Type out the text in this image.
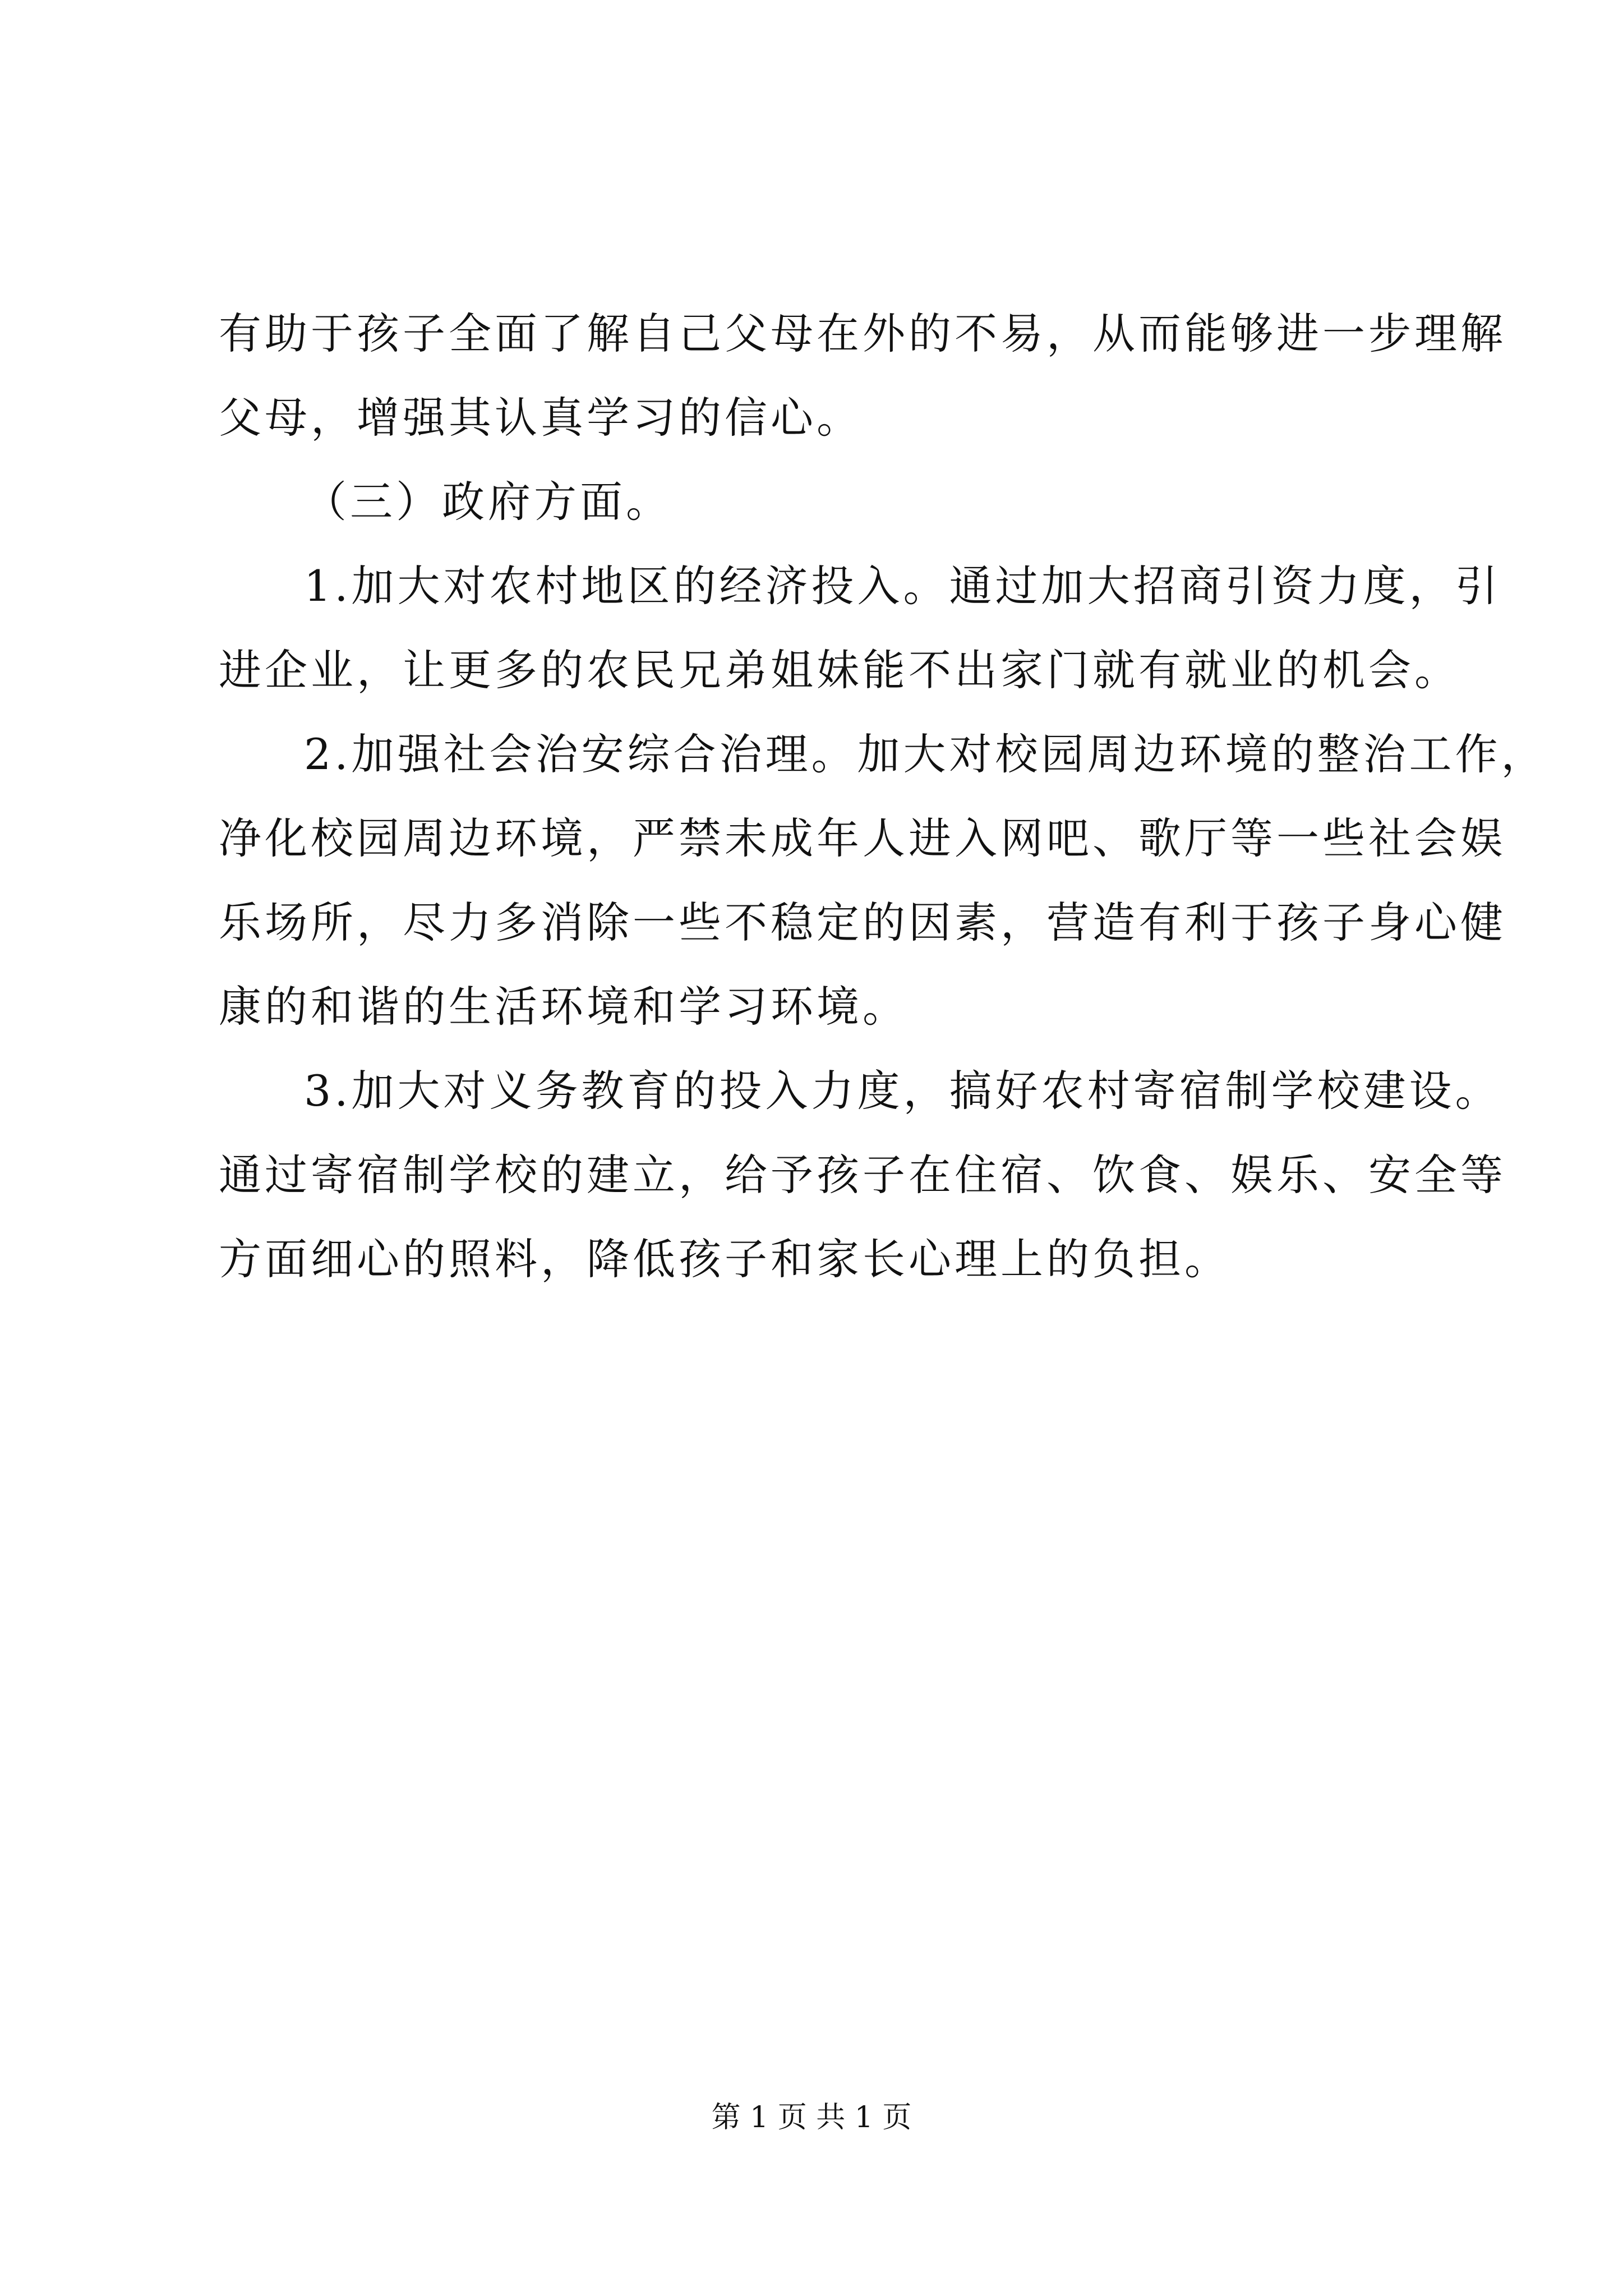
有助于孩子全面了解自己父母在外的不易，从而能够进一步理解
父母，增强其认真学习的信心。
（三）政府方面。
1.加大对农村地区的经济投入。通过加大招商引资力度，引
进企业，让更多的农民兄弟姐妹能不出家门就有就业的机会。
2.加强社会治安综合治理。加大对校园周边环境的整治工作，
净化校园周边环境，严禁未成年人进入网吧、歌厅等一些社会娱
乐场所，尽力多消除一些不稳定的因素，营造有利于孩子身心健
康的和谐的生活环境和学习环境。
3.加大对义务教育的投入力度，搞好农村寄宿制学校建设。
通过寄宿制学校的建立，给予孩子在住宿、饮食、娱乐、安全等
方面细心的照料，降低孩子和家长心理上的负担。
第 1 页 共 1 页
